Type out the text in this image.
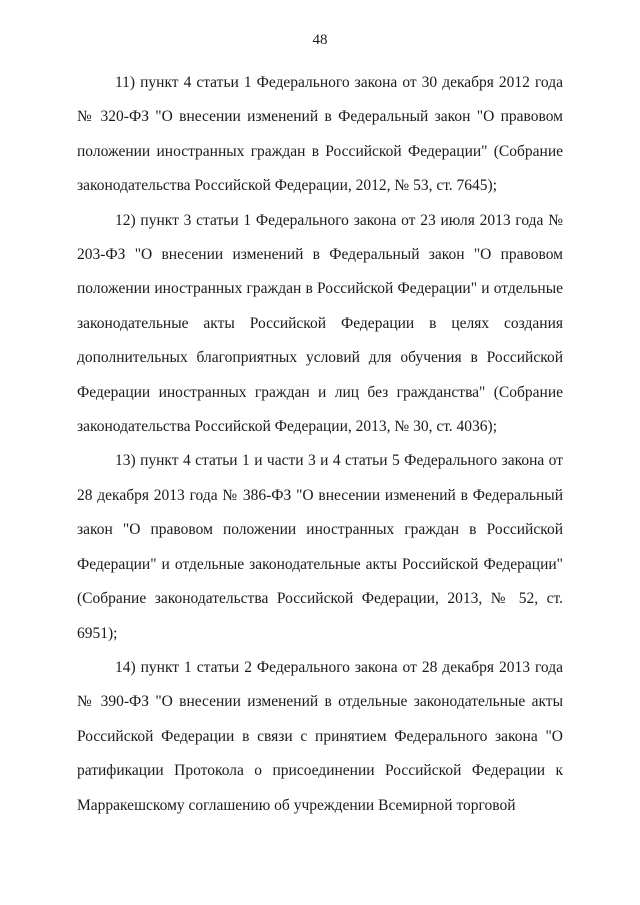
48

11) пункт 4 статьи 1 Федерального закона от 30 декабря 2012 года № 320-ФЗ "О внесении изменений в Федеральный закон "О правовом положении иностранных граждан в Российской Федерации" (Собрание законодательства Российской Федерации, 2012, № 53, ст. 7645);

12) пункт 3 статьи 1 Федерального закона от 23 июля 2013 года № 203-ФЗ "О внесении изменений в Федеральный закон "О правовом положении иностранных граждан в Российской Федерации" и отдельные законодательные акты Российской Федерации в целях создания дополнительных благоприятных условий для обучения в Российской Федерации иностранных граждан и лиц без гражданства" (Собрание законодательства Российской Федерации, 2013, № 30, ст. 4036);

13) пункт 4 статьи 1 и части 3 и 4 статьи 5 Федерального закона от 28 декабря 2013 года № 386-ФЗ "О внесении изменений в Федеральный закон "О правовом положении иностранных граждан в Российской Федерации" и отдельные законодательные акты Российской Федерации" (Собрание законодательства Российской Федерации, 2013, № 52, ст. 6951);

14) пункт 1 статьи 2 Федерального закона от 28 декабря 2013 года № 390-ФЗ "О внесении изменений в отдельные законодательные акты Российской Федерации в связи с принятием Федерального закона "О ратификации Протокола о присоединении Российской Федерации к Марракешскому соглашению об учреждении Всемирной торговой
